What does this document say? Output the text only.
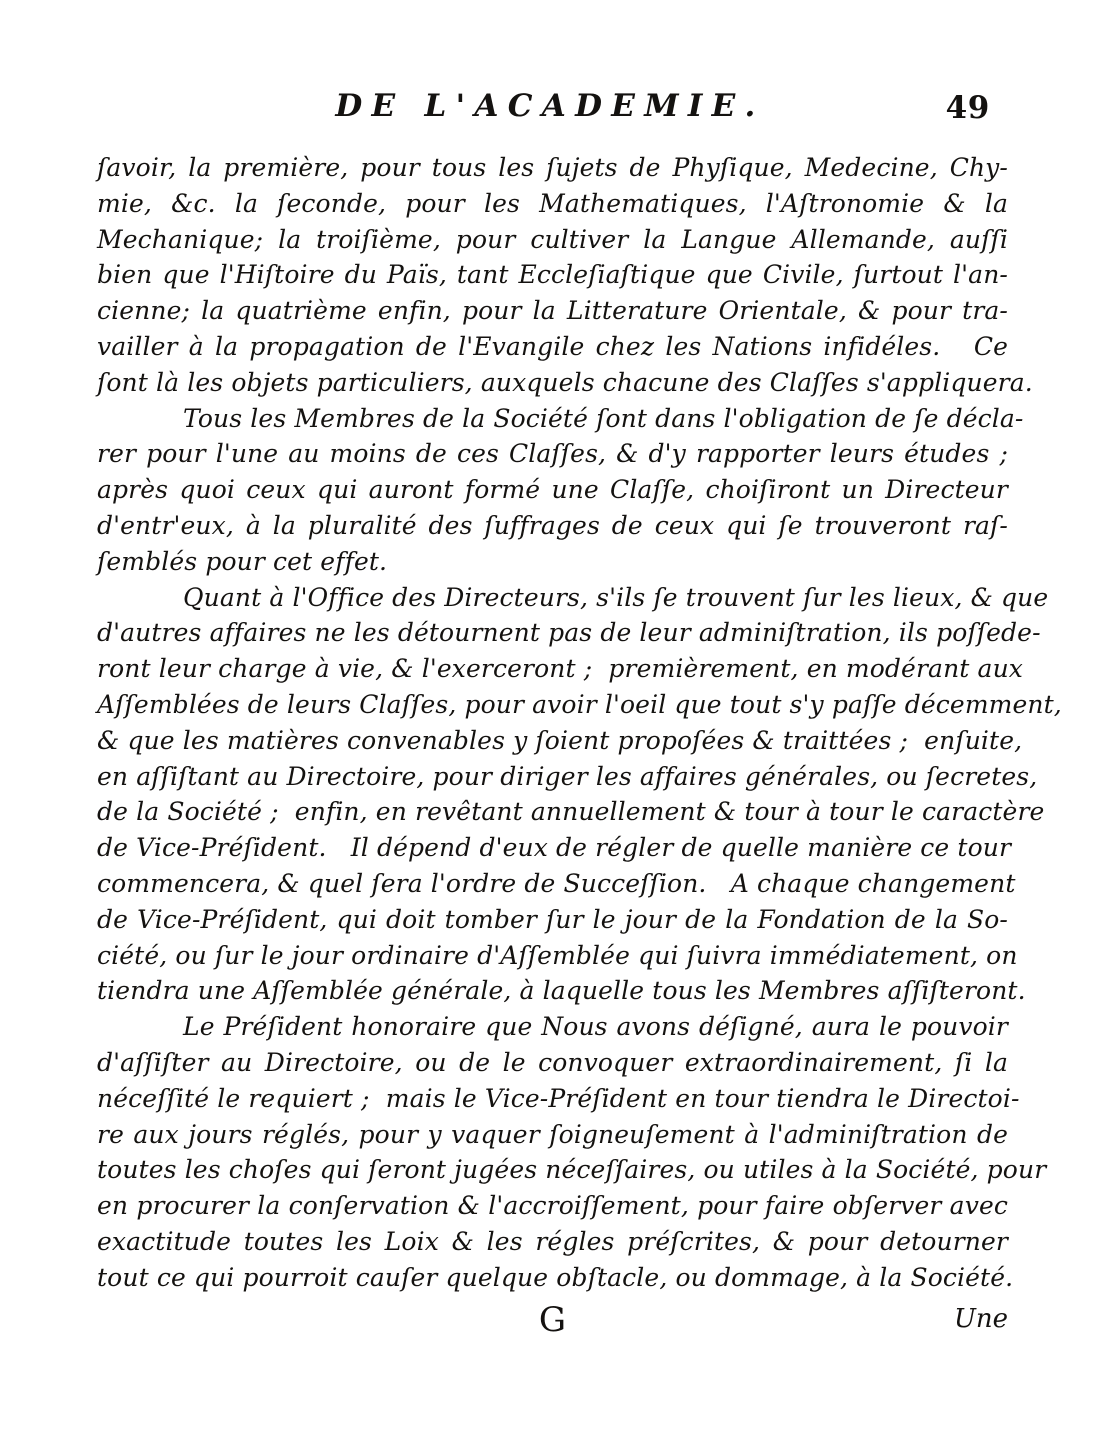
DE L'ACADEMIE.	49
ſavoir, la première, pour tous les ſujets de Phyſique, Medecine, Chy-
mie, &c. la ſeconde, pour les Mathematiques, l'Aſtronomie & la
Mechanique; la troiſième, pour cultiver la Langue Allemande, auſſi
bien que l'Hiſtoire du Païs, tant Eccleſiaſtique que Civile, ſurtout l'an-
cienne; la quatrième enfin, pour la Litterature Orientale, & pour tra-
vailler à la propagation de l'Evangile chez les Nations infidéles.   Ce
ſont là les objets particuliers, auxquels chacune des Claſſes s'appliquera.
Tous les Membres de la Société ſont dans l'obligation de ſe décla-
rer pour l'une au moins de ces Claſſes, & d'y rapporter leurs études ;
après quoi ceux qui auront formé une Claſſe, choiſiront un Directeur
d'entr'eux, à la pluralité des ſuffrages de ceux qui ſe trouveront raſ-
ſemblés pour cet effet.
Quant à l'Office des Directeurs, s'ils ſe trouvent ſur les lieux, & que
d'autres affaires ne les détournent pas de leur adminiſtration, ils poſſede-
ront leur charge à vie, & l'exerceront ;  premièrement, en modérant aux
Aſſemblées de leurs Claſſes, pour avoir l'oeil que tout s'y paſſe décemment,
& que les matières convenables y ſoient propoſées & traittées ;  enſuite,
en aſſiſtant au Directoire, pour diriger les affaires générales, ou ſecretes,
de la Société ;  enfin, en revêtant annuellement & tour à tour le caractère
de Vice-Préſident.   Il dépend d'eux de régler de quelle manière ce tour
commencera, & quel ſera l'ordre de Succeſſion.   A chaque changement
de Vice-Préſident, qui doit tomber ſur le jour de la Fondation de la So-
ciété, ou ſur le jour ordinaire d'Aſſemblée qui ſuivra immédiatement, on
tiendra une Aſſemblée générale, à laquelle tous les Membres aſſiſteront.
Le Préſident honoraire que Nous avons déſigné, aura le pouvoir
d'aſſiſter au Directoire, ou de le convoquer extraordinairement, ſi la
néceſſité le requiert ;  mais le Vice-Préſident en tour tiendra le Directoi-
re aux jours réglés, pour y vaquer ſoigneuſement à l'adminiſtration de
toutes les choſes qui ſeront jugées néceſſaires, ou utiles à la Société, pour
en procurer la conſervation & l'accroiſſement, pour faire obſerver avec
exactitude toutes les Loix & les régles préſcrites, & pour detourner
tout ce qui pourroit cauſer quelque obſtacle, ou dommage, à la Société.
G	Une
